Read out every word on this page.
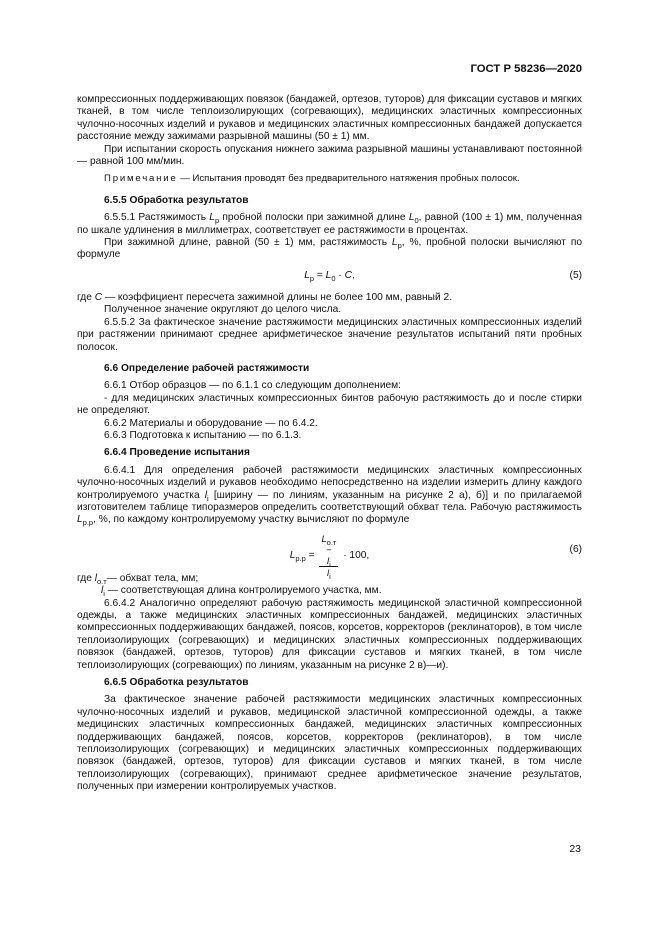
ГОСТ Р 58236—2020

компрессионных поддерживающих повязок (бандажей, ортезов, туторов) для фиксации суставов и мягких тканей, в том числе теплоизолирующих (согревающих), медицинских эластичных компрессионных чулочно-носочных изделий и рукавов и медицинских эластичных компрессионных бандажей допускается расстояние между зажимами разрывной машины (50 ± 1) мм.

При испытании скорость опускания нижнего зажима разрывной машины устанавливают постоянной — равной 100 мм/мин.

Примечание — Испытания проводят без предварительного натяжения пробных полосок.

6.5.5 Обработка результатов

6.5.5.1 Растяжимость $L_р$ пробной полоски при зажимной длине $L_0$, равной (100 ± 1) мм, полученная по шкале удлинения в миллиметрах, соответствует ее растяжимости в процентах.

При зажимной длине, равной (50 ± 1) мм, растяжимость $L_р$, %, пробной полоски вычисляют по формуле

$L_р = L_0 \cdot C$,	(5)

где C — коэффициент пересчета зажимной длины не более 100 мм, равный 2.

Полученное значение округляют до целого числа.

6.5.5.2 За фактическое значение растяжимости медицинских эластичных компрессионных изделий при растяжении принимают среднее арифметическое значение результатов испытаний пяти пробных полосок.

6.6 Определение рабочей растяжимости

6.6.1 Отбор образцов — по 6.1.1 со следующим дополнением:

- для медицинских эластичных компрессионных бинтов рабочую растяжимость до и после стирки не определяют.

6.6.2 Материалы и оборудование — по 6.4.2.

6.6.3 Подготовка к испытанию — по 6.1.3.

6.6.4 Проведение испытания

6.6.4.1 Для определения рабочей растяжимости медицинских эластичных компрессионных чулочно-носочных изделий и рукавов необходимо непосредственно на изделии измерить длину каждого контролируемого участка $l_i$ [ширину — по линиям, указанным на рисунке 2 а), б)] и по прилагаемой изготовителем таблице типоразмеров определить соответствующий обхват тела. Рабочую растяжимость $L_{р.р}$, %, по каждому контролируемому участку вычисляют по формуле

$L_{р.р} = L_{о.т}$
−
$l_i$
$l_i \cdot 100$,
(6)

где $l_{о.т}—$ обхват тела, мм;

$l_i$ — соответствующая длина контролируемого участка, мм.

6.6.4.2 Аналогично определяют рабочую растяжимость медицинской эластичной компрессионной одежды, а также медицинских эластичных компрессионных бандажей, медицинских эластичных компрессионных поддерживающих бандажей, поясов, корсетов, корректоров (реклинаторов), в том числе теплоизолирующих (согревающих) и медицинских эластичных компрессионных поддерживающих повязок (бандажей, ортезов, туторов) для фиксации суставов и мягких тканей, в том числе теплоизолирующих (согревающих) по линиям, указанным на рисунке 2 в)—и).

6.6.5 Обработка результатов

За фактическое значение рабочей растяжимости медицинских эластичных компрессионных чулочно-носочных изделий и рукавов, медицинской эластичной компрессионной одежды, а также медицинских эластичных компрессионных бандажей, медицинских эластичных компрессионных поддерживающих бандажей, поясов, корсетов, корректоров (реклинаторов), в том числе теплоизолирующих (согревающих) и медицинских эластичных компрессионных поддерживающих повязок (бандажей, ортезов, туторов) для фиксации суставов и мягких тканей, в том числе теплоизолирующих (согревающих), принимают среднее арифметическое значение результатов, полученных при измерении контролируемых участков.

23
